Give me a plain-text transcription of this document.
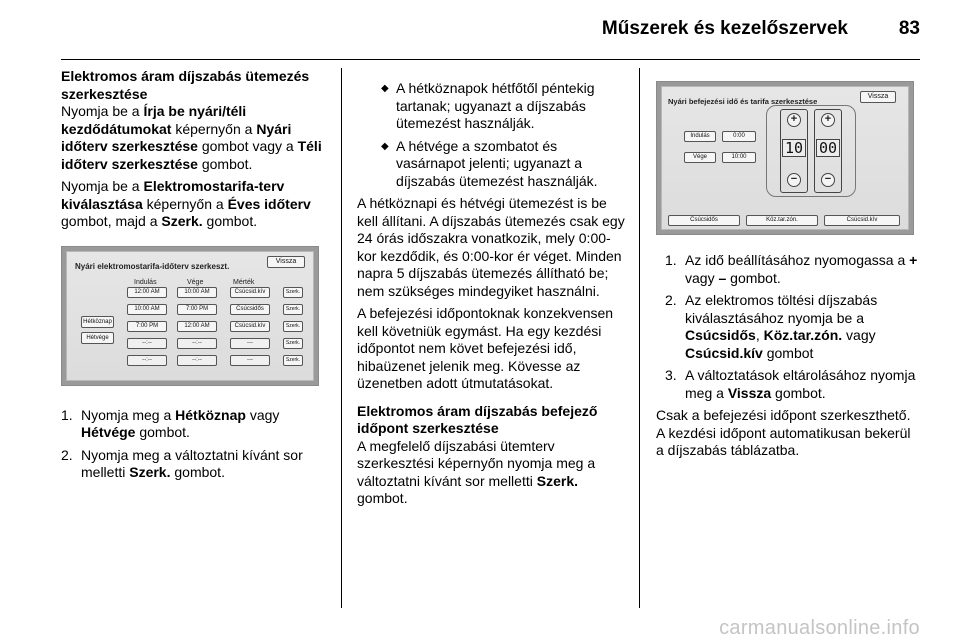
Műszerek és kezelőszervek	83
Elektromos áram díjszabás ütemezés szerkesztése
Nyomja be a Írja be nyári/téli kezdődátumokat képernyőn a Nyári időterv szerkesztése gombot vagy a Téli időterv szerkesztése gombot.
Nyomja be a Elektromostarifa-terv kiválasztása képernyőn a Éves időterv gombot, majd a Szerk. gombot.
Nyári elektromostarifa-időterv szerkeszt.
Vissza
Indulás	Vége	Mérték
Hétköznap
Hétvége
12:00 AM	10:00 AM	Csúcsid.kív	Szerk.
10:00 AM	7:00 PM	Csúcsidős	Szerk.
7:00 PM	12:00 AM	Csúcsid.kív	Szerk.
--:--	--:--	---	Szerk.
--:--	--:--	---	Szerk.
1. Nyomja meg a Hétköznap vagy Hétvége gombot.
2. Nyomja meg a változtatni kívánt sor melletti Szerk. gombot.
◆ A hétköznapok hétfőtől péntekig tartanak; ugyanazt a díjszabás ütemezést használják.
◆ A hétvége a szombatot és vasárnapot jelenti; ugyanazt a díjszabás ütemezést használják.
A hétköznapi és hétvégi ütemezést is be kell állítani. A díjszabás ütemezés csak egy 24 órás időszakra vonatkozik, mely 0:00-kor kezdődik, és 0:00-kor ér véget. Minden napra 5 díjszabás ütemezés állítható be; nem szükséges mindegyiket használni.
A befejezési időpontoknak konzekvensen kell követniük egymást. Ha egy kezdési időpontot nem követ befejezési idő, hibaüzenet jelenik meg. Kövesse az üzenetben adott útmutatásokat.
Elektromos áram díjszabás befejező időpont szerkesztése
A megfelelő díjszabási ütemterv szerkesztési képernyőn nyomja meg a változtatni kívánt sor melletti Szerk. gombot.
Nyári befejezési idő és tarifa szerkesztése
Vissza
Indulás	0:00
Vége	10:00
+
10
−
+
00
−
Csúcsidős	Köz.tar.zón.	Csúcsid.kív
1. Az idő beállításához nyomogassa a + vagy – gombot.
2. Az elektromos töltési díjszabás kiválasztásához nyomja be a Csúcsidős, Köz.tar.zón. vagy Csúcsid.kív gombot
3. A változtatások eltárolásához nyomja meg a Vissza gombot.
Csak a befejezési időpont szerkeszthető. A kezdési időpont automatikusan bekerül a díjszabás táblázatba.
carmanualsonline.info
